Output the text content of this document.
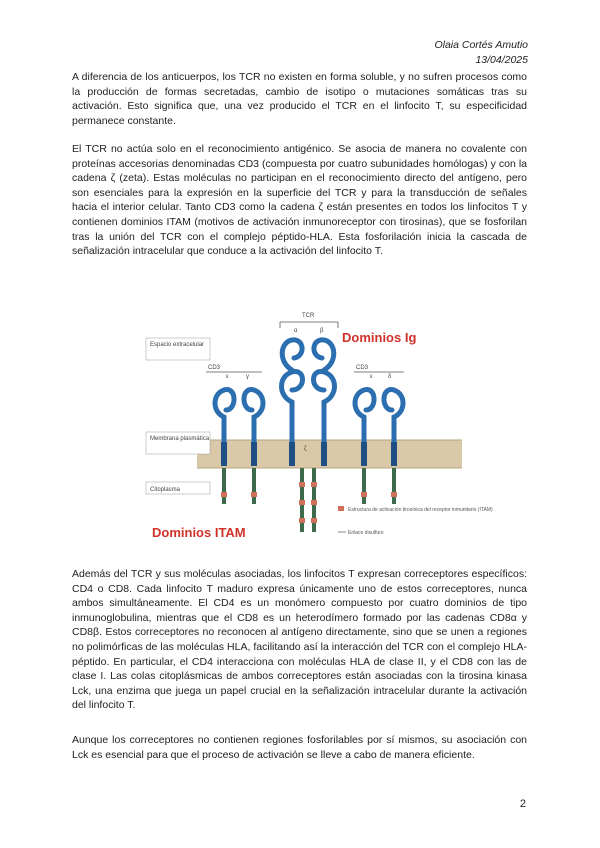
Olaia Cortés Amutio
13/04/2025

A diferencia de los anticuerpos, los TCR no existen en forma soluble, y no sufren procesos como la producción de formas secretadas, cambio de isotipo o mutaciones somáticas tras su activación. Esto significa que, una vez producido el TCR en el linfocito T, su especificidad permanece constante.

El TCR no actúa solo en el reconocimiento antigénico. Se asocia de manera no covalente con proteínas accesorias denominadas CD3 (compuesta por cuatro subunidades homólogas) y con la cadena ζ (zeta). Estas moléculas no participan en el reconocimiento directo del antígeno, pero son esenciales para la expresión en la superficie del TCR y para la transducción de señales hacia el interior celular. Tanto CD3 como la cadena ζ están presentes en todos los linfocitos T y contienen dominios ITAM (motivos de activación inmunoreceptor con tirosinas), que se fosforilan tras la unión del TCR con el complejo péptido-HLA. Esta fosforilación inicia la cascada de señalización intracelular que conduce a la activación del linfocito T.

Espacio extracelular
Membrana plasmática
Citoplasma
TCR
α	β
CD3
ε	γ
CD3
ε	δ
Dominios Ig
ζ
Dominios ITAM
Estructura de activación tirosínica del receptor inmunitario (ITAM)
Enlace disulfuro

Además del TCR y sus moléculas asociadas, los linfocitos T expresan correceptores específicos: CD4 o CD8. Cada linfocito T maduro expresa únicamente uno de estos correceptores, nunca ambos simultáneamente. El CD4 es un monómero compuesto por cuatro dominios de tipo inmunoglobulina, mientras que el CD8 es un heterodímero formado por las cadenas CD8α y CD8β. Estos correceptores no reconocen al antígeno directamente, sino que se unen a regiones no polimórficas de las moléculas HLA, facilitando así la interacción del TCR con el complejo HLA-péptido. En particular, el CD4 interacciona con moléculas HLA de clase II, y el CD8 con las de clase I. Las colas citoplásmicas de ambos correceptores están asociadas con la tirosina kinasa Lck, una enzima que juega un papel crucial en la señalización intracelular durante la activación del linfocito T.

Aunque los correceptores no contienen regiones fosforilables por sí mismos, su asociación con Lck es esencial para que el proceso de activación se lleve a cabo de manera eficiente.

2
